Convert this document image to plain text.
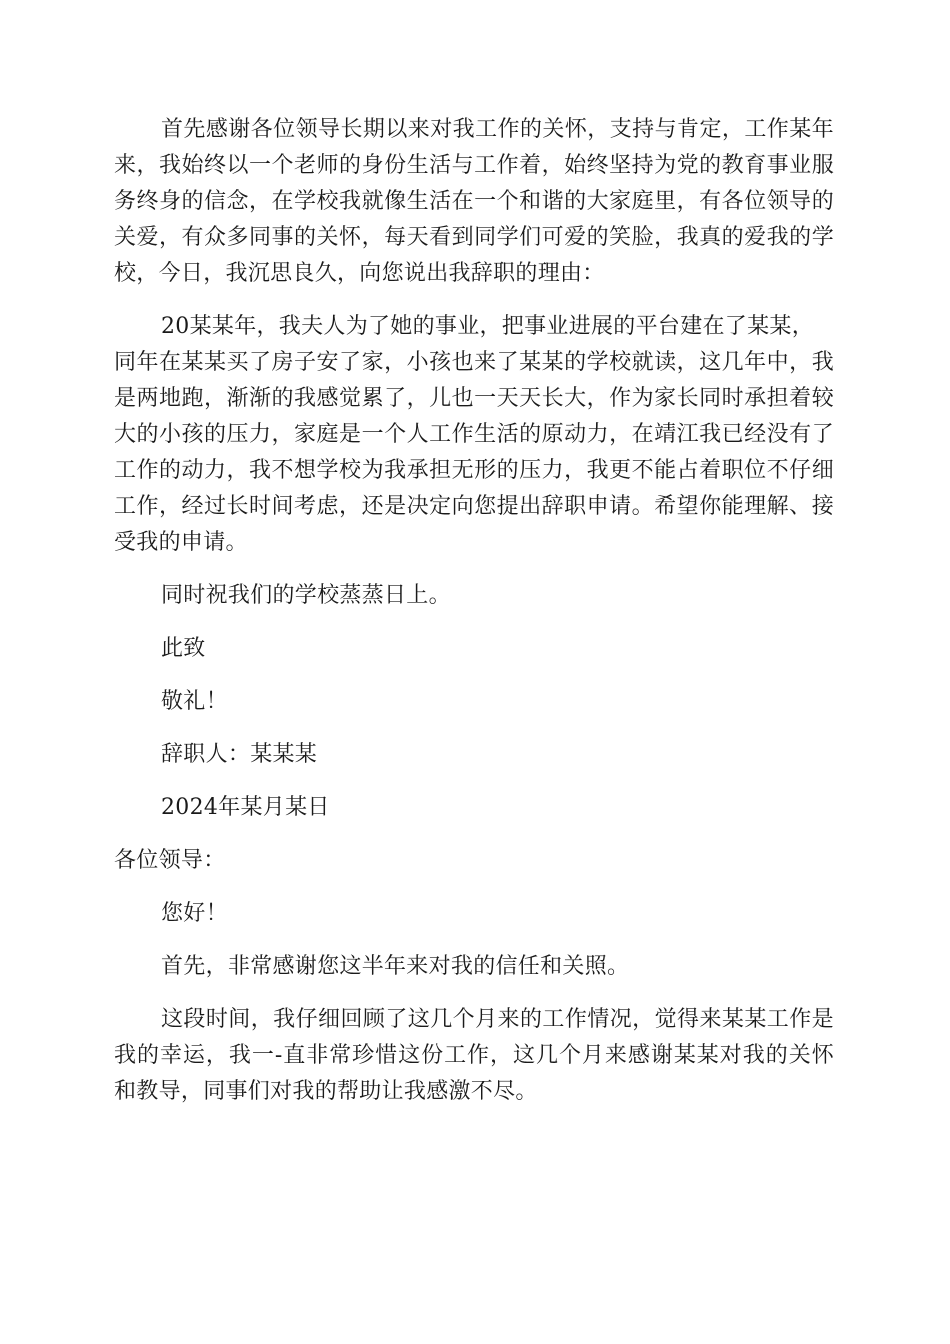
首先感谢各位领导长期以来对我工作的关怀，支持与肯定，工作某年来，我始终以一个老师的身份生活与工作着，始终坚持为党的教育事业服务终身的信念，在学校我就像生活在一个和谐的大家庭里，有各位领导的关爱，有众多同事的关怀，每天看到同学们可爱的笑脸，我真的爱我的学校，今日，我沉思良久，向您说出我辞职的理由：

20某某年，我夫人为了她的事业，把事业进展的平台建在了某某，
同年在某某买了房子安了家，小孩也来了某某的学校就读，这几年中，我是两地跑，渐渐的我感觉累了，儿也一天天长大，作为家长同时承担着较大的小孩的压力，家庭是一个人工作生活的原动力，在靖江我已经没有了工作的动力，我不想学校为我承担无形的压力，我更不能占着职位不仔细工作，经过长时间考虑，还是决定向您提出辞职申请。希望你能理解、接受我的申请。

同时祝我们的学校蒸蒸日上。

此致

敬礼！

辞职人：某某某

2024年某月某日

各位领导：

您好！

首先，非常感谢您这半年来对我的信任和关照。

这段时间，我仔细回顾了这几个月来的工作情况，觉得来某某工作是我的幸运，我一-直非常珍惜这份工作，这几个月来感谢某某对我的关怀和教导，同事们对我的帮助让我感激不尽。
